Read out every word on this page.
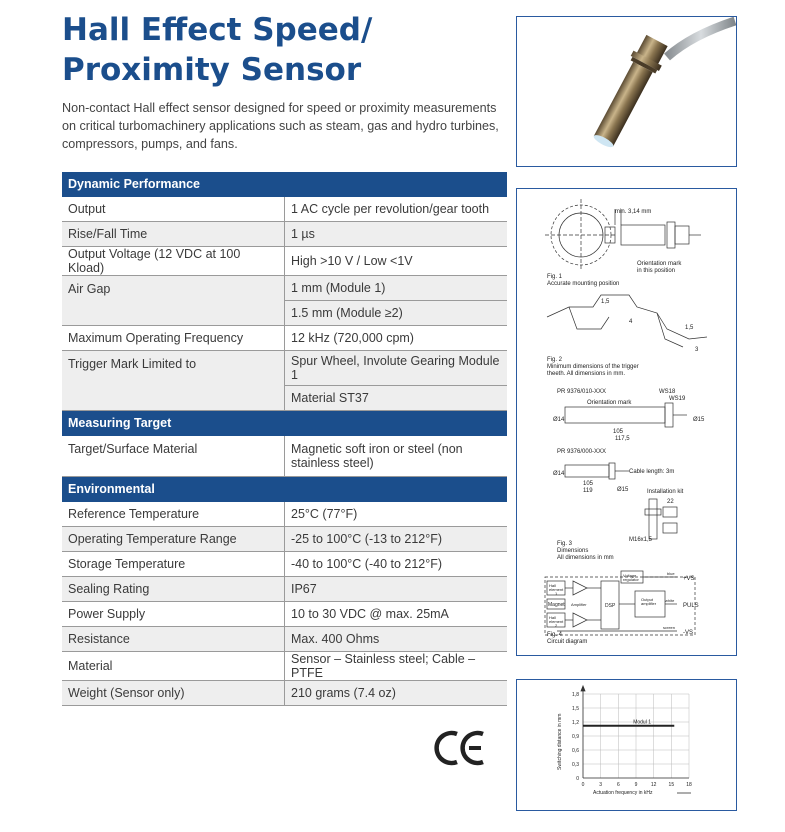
Hall Effect Speed/
Proximity Sensor
Non-contact Hall effect sensor designed for speed or proximity measurements on critical turbomachinery applications such as steam, gas and hydro turbines, compressors, pumps, and fans.
Dynamic Performance	
Output	1 AC cycle per revolution/gear tooth
Rise/Fall Time	1 µs
Output Voltage (12 VDC at 100 Kload)	High >10 V / Low <1V
Air Gap	1 mm (Module 1)
	1.5 mm (Module ≥2)
Maximum Operating Frequency	12 kHz (720,000 cpm)
Trigger Mark Limited to	Spur Wheel, Involute Gearing Module 1
	Material ST37
Measuring Target	
Target/Surface Material	Magnetic soft iron or steel (non stainless steel)
Environmental	
Reference Temperature	25°C (77°F)
Operating Temperature Range	-25 to 100°C (-13 to 212°F)
Storage Temperature	-40 to 100°C (-40 to 212°F)
Sealing Rating	IP67
Power Supply	10 to 30 VDC @ max. 25mA
Resistance	Max. 400 Ohms
Material	Sensor – Stainless steel; Cable – PTFE
Weight (Sensor only)	210 grams (7.4 oz)
min. 3,14 mm
Orientation mark
in this position
Fig. 1
Accurate mounting position
1,5
4
1,5
3
Fig. 2
Minimum dimensions of the trigger
theeth. All dimensions in mm.
PR 9376/010-XXX	WS18
WS19
Orientation mark
105
117,5
Ø14	Ø15
PR 9376/000-XXX
Cable length: 3m
105
119
Ø14
Ø15	Installation kit
22
M16x1,5
Fig. 3
Dimensions
All dimensions in mm
Voltage
regulator
Hall
element
1
Magnet Amplifier	DSP
Output
amplifier
Hall
element
2
blue
+VS
white
PULS
screen
-VS
Fig. 4
Circuit diagram
0
0,3
0,6
0,9
1,2
1,5
1,8
0	3	6	9	12 15 18
Modul 1
Switching distance in mm
Actuation frequency in kHz
